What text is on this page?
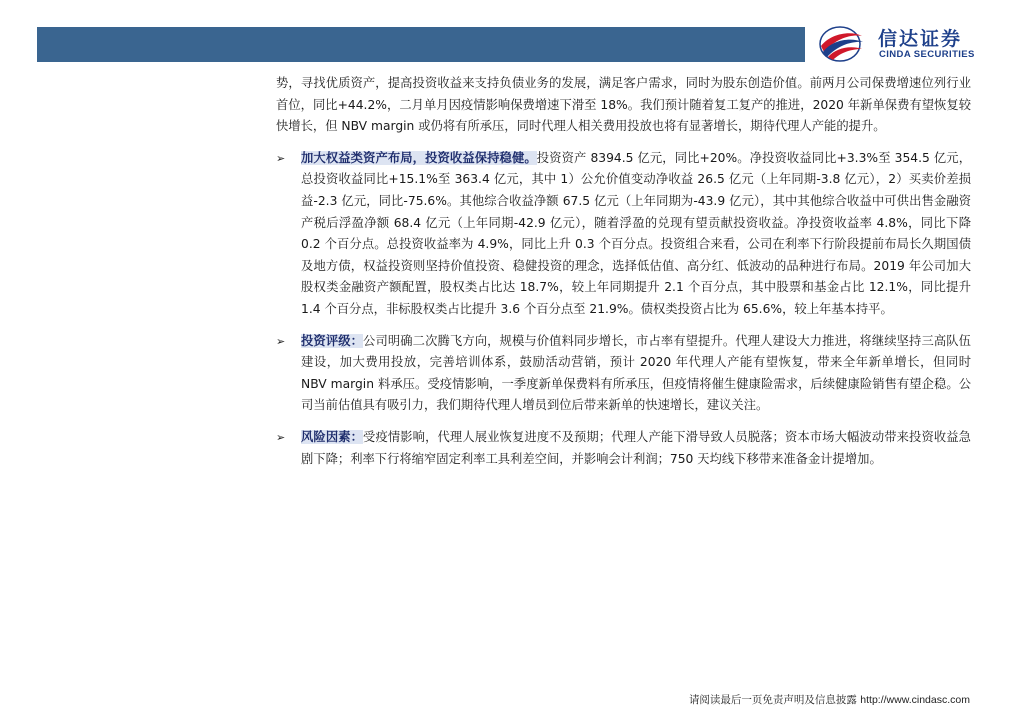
信达证券
CINDA SECURITIES

势，寻找优质资产，提高投资收益来支持负债业务的发展，满足客户需求，同时为股东创造价值。前两月公司保费增速位列行业首位，同比+44.2%，二月单月因疫情影响保费增速下滑至 18%。我们预计随着复工复产的推进，2020 年新单保费有望恢复较快增长，但 NBV margin 或仍将有所承压，同时代理人相关费用投放也将有显著增长，期待代理人产能的提升。

➢ 加大权益类资产布局，投资收益保持稳健。投资资产 8394.5 亿元，同比+20%。净投资收益同比+3.3%至 354.5 亿元，总投资收益同比+15.1%至 363.4 亿元，其中 1）公允价值变动净收益 26.5 亿元（上年同期-3.8 亿元），2）买卖价差损益-2.3 亿元，同比-75.6%。其他综合收益净额 67.5 亿元（上年同期为-43.9 亿元），其中其他综合收益中可供出售金融资产税后浮盈净额 68.4 亿元（上年同期-42.9 亿元），随着浮盈的兑现有望贡献投资收益。净投资收益率 4.8%，同比下降 0.2 个百分点。总投资收益率为 4.9%，同比上升 0.3 个百分点。投资组合来看，公司在利率下行阶段提前布局长久期国债及地方债，权益投资则坚持价值投资、稳健投资的理念，选择低估值、高分红、低波动的品种进行布局。2019 年公司加大股权类金融资产额配置，股权类占比达 18.7%，较上年同期提升 2.1 个百分点，其中股票和基金占比 12.1%，同比提升 1.4 个百分点，非标股权类占比提升 3.6 个百分点至 21.9%。债权类投资占比为 65.6%，较上年基本持平。
➢ 投资评级：公司明确二次腾飞方向，规模与价值料同步增长，市占率有望提升。代理人建设大力推进，将继续坚持三高队伍建设，加大费用投放，完善培训体系，鼓励活动营销，预计 2020 年代理人产能有望恢复，带来全年新单增长，但同时 NBV margin 料承压。受疫情影响，一季度新单保费料有所承压，但疫情将催生健康险需求，后续健康险销售有望企稳。公司当前估值具有吸引力，我们期待代理人增员到位后带来新单的快速增长，建议关注。
➢ 风险因素：受疫情影响，代理人展业恢复进度不及预期；代理人产能下滑导致人员脱落；资本市场大幅波动带来投资收益急剧下降；利率下行将缩窄固定利率工具利差空间，并影响会计利润；750 天均线下移带来准备金计提增加。
请阅读最后一页免责声明及信息披露 http://www.cindasc.com
